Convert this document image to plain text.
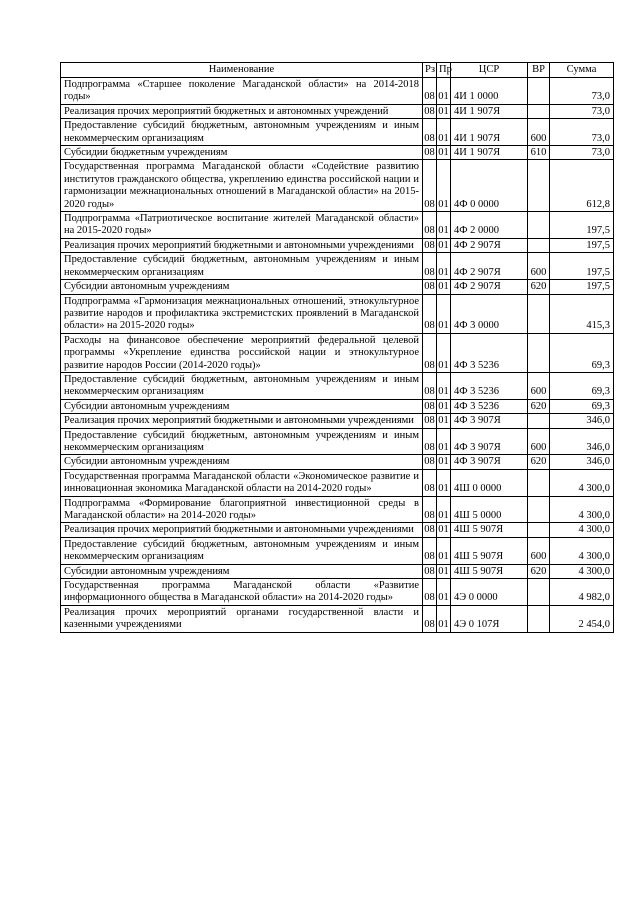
Наименование	Рз	Пр	ЦСР	ВР	Сумма
Подпрограмма «Старшее поколение Магаданской области» на 2014-2018 годы»	08	01	4И 1 0000		73,0
Реализация прочих мероприятий бюджетных и автономных учреждений	08	01	4И 1 907Я		73,0
Предоставление субсидий бюджетным, автономным учреждениям и иным некоммерческим организациям	08	01	4И 1 907Я	600	73,0
Субсидии бюджетным учреждениям	08	01	4И 1 907Я	610	73,0
Государственная программа Магаданской области «Содействие развитию институтов гражданского общества, укреплению единства российской нации и гармонизации межнациональных отношений в Магаданской области» на 2015-2020 годы»	08	01	4Ф 0 0000		612,8
Подпрограмма «Патриотическое воспитание жителей Магаданской области» на 2015-2020 годы»	08	01	4Ф 2 0000		197,5
Реализация прочих мероприятий бюджетными и автономными учреждениями	08	01	4Ф 2 907Я		197,5
Предоставление субсидий бюджетным, автономным учреждениям и иным некоммерческим организациям	08	01	4Ф 2 907Я	600	197,5
Субсидии автономным учреждениям	08	01	4Ф 2 907Я	620	197,5
Подпрограмма «Гармонизация межнациональных отношений, этнокультурное развитие народов и профилактика экстремистских проявлений в Магаданской области» на 2015-2020 годы»	08	01	4Ф 3 0000		415,3
Расходы на финансовое обеспечение мероприятий федеральной целевой программы «Укрепление единства российской нации и этнокультурное развитие народов России (2014-2020 годы)»	08	01	4Ф 3 5236		69,3
Предоставление субсидий бюджетным, автономным учреждениям и иным некоммерческим организациям	08	01	4Ф 3 5236	600	69,3
Субсидии автономным учреждениям	08	01	4Ф 3 5236	620	69,3
Реализация прочих мероприятий бюджетными и автономными учреждениями	08	01	4Ф 3 907Я		346,0
Предоставление субсидий бюджетным, автономным учреждениям и иным некоммерческим организациям	08	01	4Ф 3 907Я	600	346,0
Субсидии автономным учреждениям	08	01	4Ф 3 907Я	620	346,0
Государственная программа Магаданской области «Экономическое развитие и инновационная экономика Магаданской области на 2014-2020 годы»	08	01	4Ш 0 0000		4 300,0
Подпрограмма «Формирование благоприятной инвестиционной среды в Магаданской области» на 2014-2020 годы»	08	01	4Ш 5 0000		4 300,0
Реализация прочих мероприятий бюджетными и автономными учреждениями	08	01	4Ш 5 907Я		4 300,0
Предоставление субсидий бюджетным, автономным учреждениям и иным некоммерческим организациям	08	01	4Ш 5 907Я	600	4 300,0
Субсидии автономным учреждениям	08	01	4Ш 5 907Я	620	4 300,0
Государственная программа Магаданской области «Развитие информационного общества в Магаданской области» на 2014-2020 годы»	08	01	4Э 0 0000		4 982,0
Реализация прочих мероприятий органами государственной власти и казенными учреждениями	08	01	4Э 0 107Я		2 454,0
